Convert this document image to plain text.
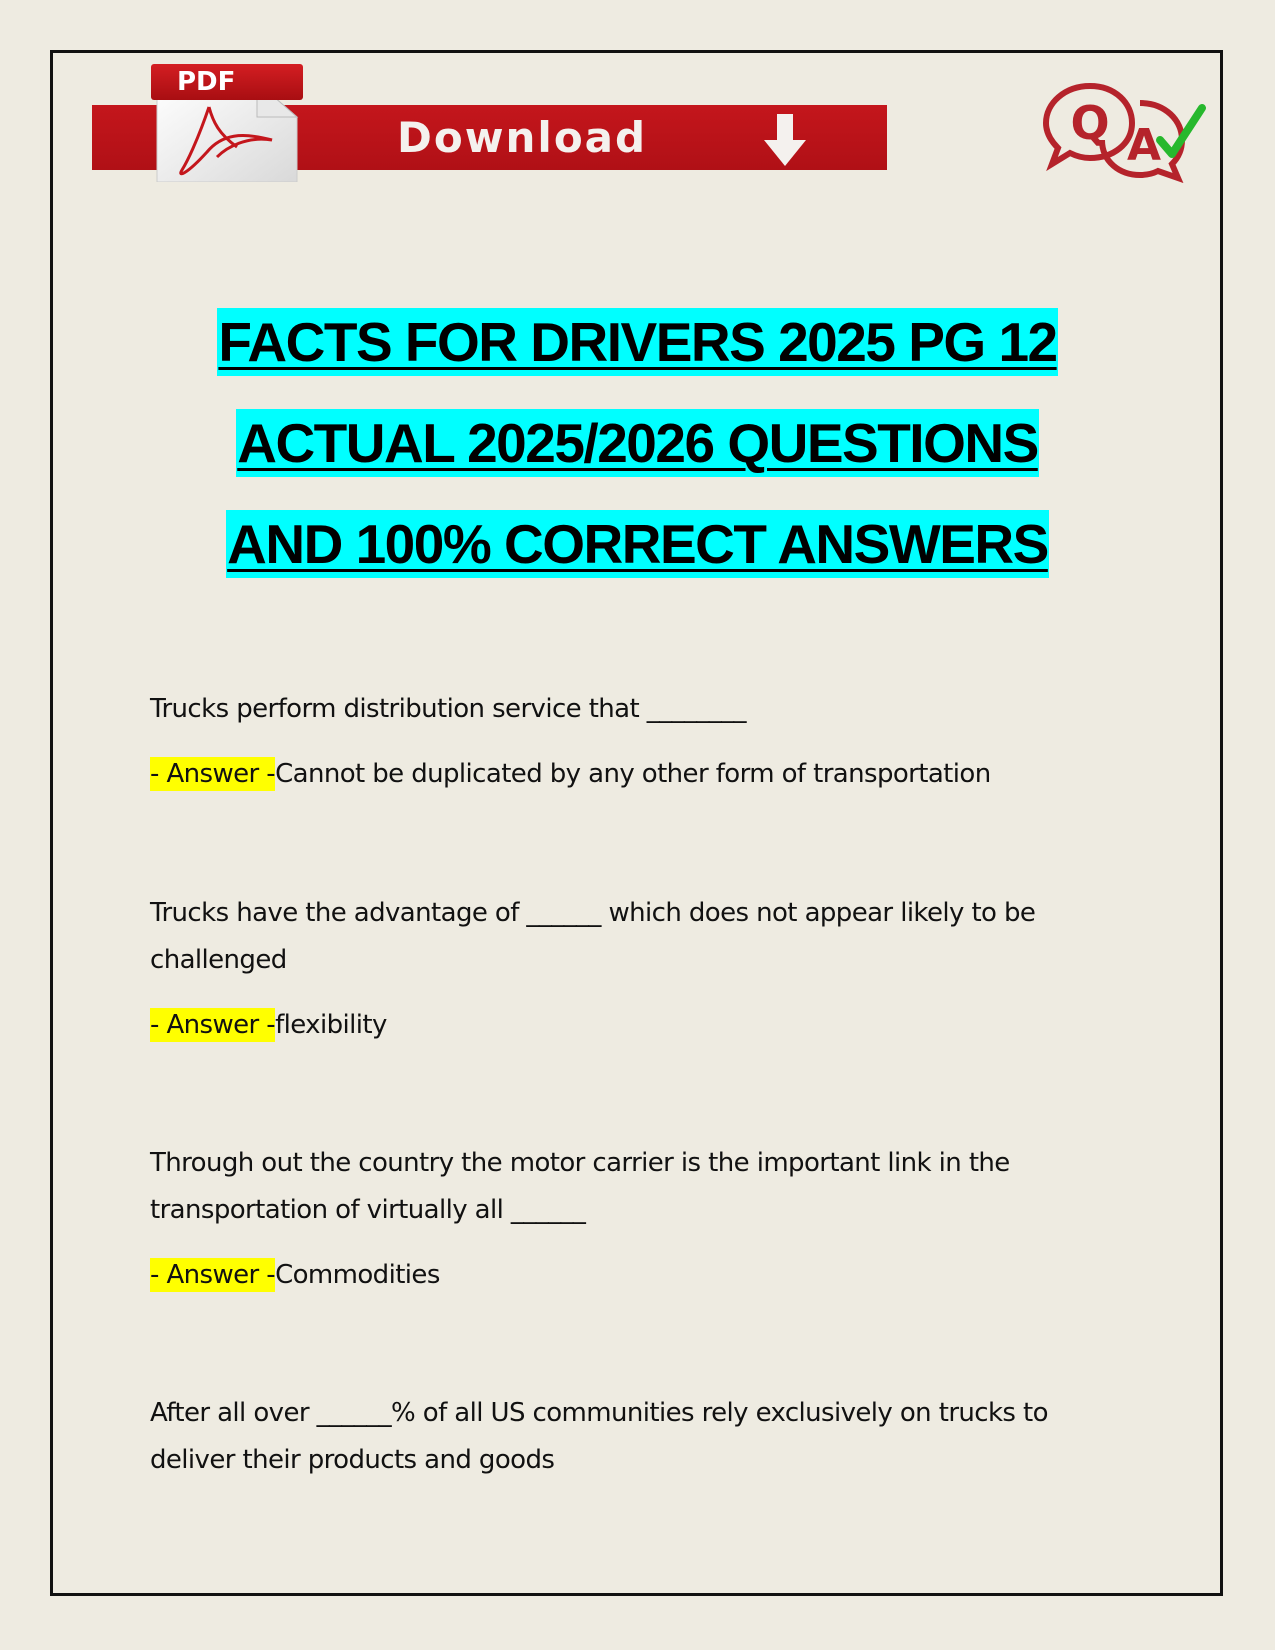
Download
PDF
Q A
FACTS FOR DRIVERS 2025 PG 12
ACTUAL 2025/2026 QUESTIONS
AND 100% CORRECT ANSWERS

Trucks perform distribution service that ________

- Answer -Cannot be duplicated by any other form of transportation

Trucks have the advantage of ______ which does not appear likely to be challenged

- Answer -flexibility

Through out the country the motor carrier is the important link in the transportation of virtually all ______

- Answer -Commodities

After all over ______% of all US communities rely exclusively on trucks to deliver their products and goods
